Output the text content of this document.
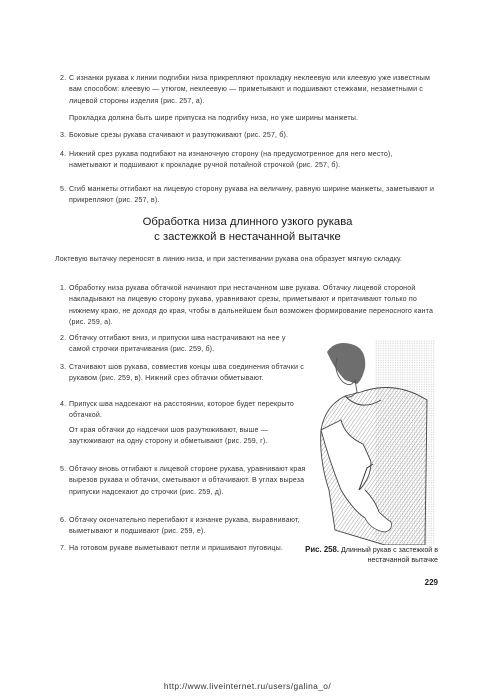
2. С изнанки рукава к линии подгибки низа прикрепляют прокладку неклеевую или клеевую уже известным вам способом: клеевую — утюгом, неклеевую — приметывают и подшивают стежками, незаметными с лицевой стороны изделия (рис. 257, а).
Прокладка должна быть шире припуска на подгибку низа, но уже ширины манжеты.
3. Боковые срезы рукава стачивают и разутюживают (рис. 257, б).
4. Нижний срез рукава подгибают на изнаночную сторону (на предусмотренное для него место), наметывают и подшивают к прокладке ручной потайной строчкой (рис. 257, б).
5. Сгиб манжеты отгибают на лицевую сторону рукава на величину, равную ширине манжеты, заметывают и прикрепляют (рис. 257, в).
Обработка низа длинного узкого рукава
с застежкой в нестачанной вытачке
Локтевую вытачку переносят в линию низа, и при застегивании рукава она образует мягкую складку.
1. Обработку низа рукава обтачкой начинают при нестачанном шве рукава. Обтачку лицевой стороной накладывают на лицевую сторону рукава, уравнивают срезы, приметывают и притачивают только по нижнему краю, не доходя до края, чтобы в дальнейшем был возможен формирование переносного канта (рис. 259, а).
2. Обтачку отгибают вниз, и припуски шва настрачивают на нее у самой строчки притачивания (рис. 259, б).
3. Стачивают шов рукава, совместив концы шва соединения обтачки с рукавом (рис. 259, в). Нижний срез обтачки обметывают.
4. Припуск шва надсекают на расстоянии, которое будет перекрыто обтачкой.
От края обтачки до надсечки шов разутюживают, выше — заутюживают на одну сторону и обметывают (рис. 259, г).
5. Обтачку вновь отгибают к лицевой стороне рукава, уравнивают края вырезов рукава и обтачки, сметывают и обтачивают. В углах выреза припуски надсекают до строчки (рис. 259, д).
6. Обтачку окончательно перегибают к изнанке рукава, выравнивают, выметывают и подшивают (рис. 259, е).
7. На готовом рукаве выметывают петли и пришивают пуговицы.	Рис. 258. Длинный рукав с застежкой в нестачанной вытачке
229
http://www.liveinternet.ru/users/galina_o/
